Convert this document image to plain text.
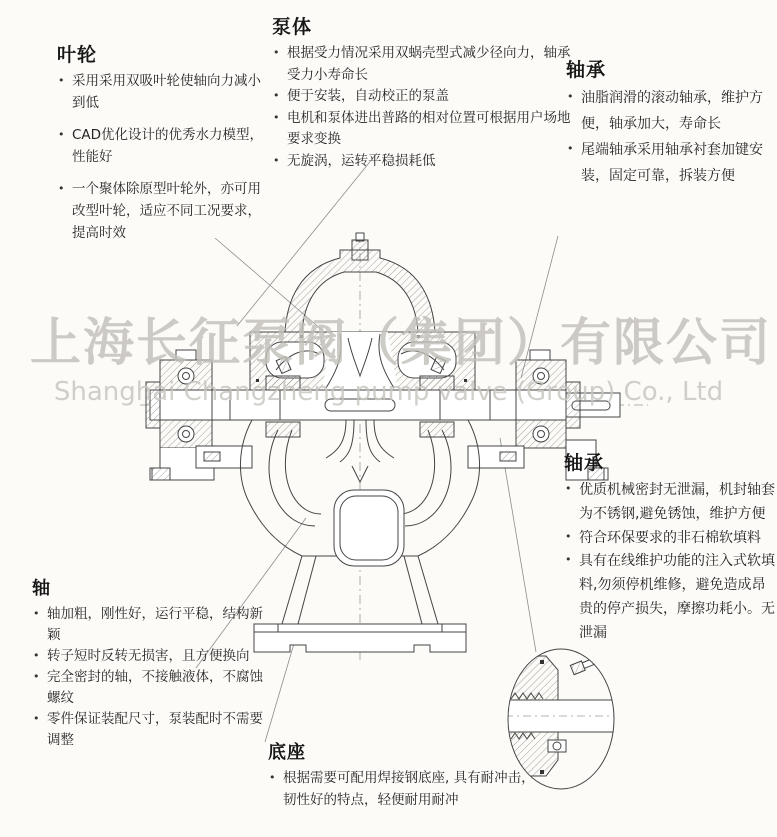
上海长征泵阀（集团）有限公司
Shanghai Changzheng pump valve (Group) Co., Ltd
叶轮
• 采用采用双吸叶轮使轴向力减小到低
• CAD优化设计的优秀水力模型，性能好
• 一个聚体除原型叶轮外，亦可用改型叶轮，适应不同工况要求，提高时效
泵体
• 根据受力情况采用双蜗壳型式减少径向力，轴承受力小寿命长
• 便于安装，自动校正的泵盖
• 电机和泵体进出普路的相对位置可根据用户场地要求变换
• 无旋涡，运转平稳损耗低
轴承
• 油脂润滑的滚动轴承，维护方便，轴承加大，寿命长
• 尾端轴承采用轴承衬套加键安装，固定可靠，拆装方便
轴承
• 优质机械密封无泄漏，机封轴套为不锈钢,避免锈蚀，维护方便
• 符合环保要求的非石棉软填料
• 具有在线维护功能的注入式软填料,勿须停机维修，避免造成昂贵的停产损失，摩擦功耗小。无泄漏
轴
• 轴加粗，刚性好，运行平稳，结构新颖
• 转子短时反转无损害，且方便换向
• 完全密封的轴，不接触液体，不腐蚀螺纹
• 零件保证装配尺寸，泵装配时不需要调整
底座
• 根据需要可配用焊接钢底座, 具有耐冲击，韧性好的特点，轻便耐用耐冲
